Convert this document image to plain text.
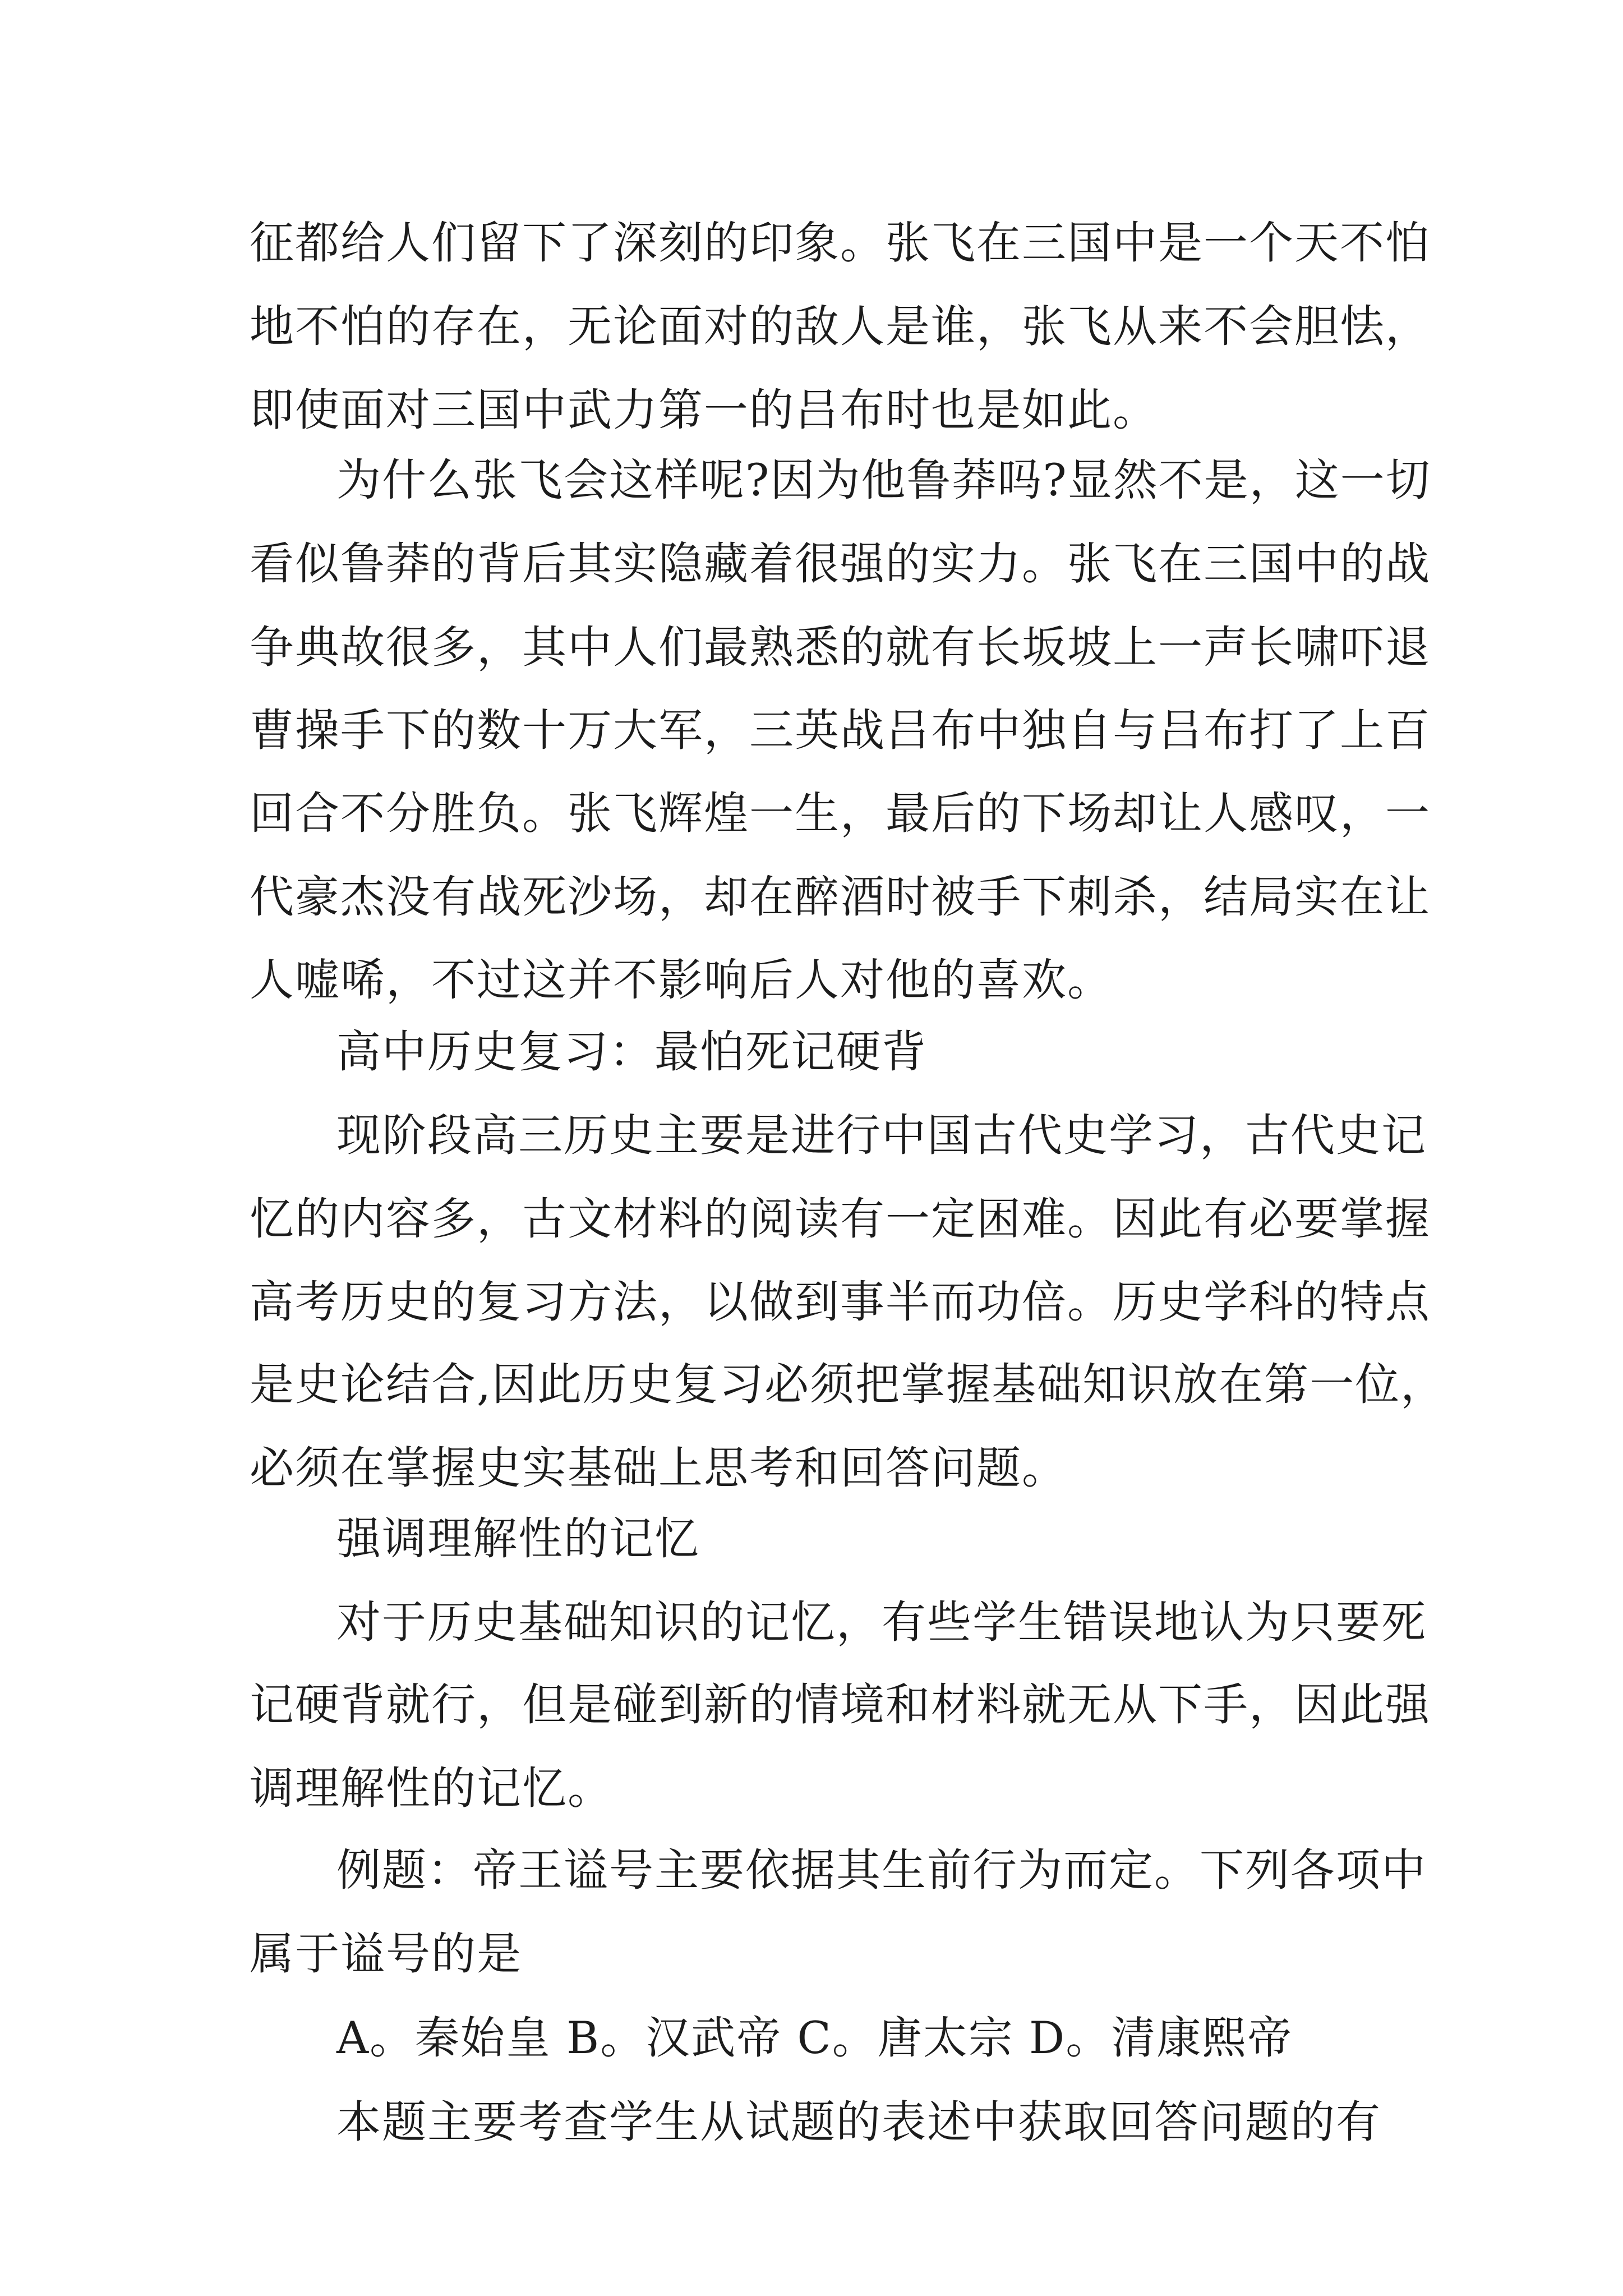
征都给人们留下了深刻的印象。张飞在三国中是一个天不怕

地不怕的存在，无论面对的敌人是谁，张飞从来不会胆怯，

即使面对三国中武力第一的吕布时也是如此。

为什么张飞会这样呢?因为他鲁莽吗?显然不是，这一切

看似鲁莽的背后其实隐藏着很强的实力。张飞在三国中的战

争典故很多，其中人们最熟悉的就有长坂坡上一声长啸吓退

曹操手下的数十万大军，三英战吕布中独自与吕布打了上百

回合不分胜负。张飞辉煌一生，最后的下场却让人感叹，一

代豪杰没有战死沙场，却在醉酒时被手下刺杀，结局实在让

人嘘唏，不过这并不影响后人对他的喜欢。

高中历史复习：最怕死记硬背

现阶段高三历史主要是进行中国古代史学习，古代史记

忆的内容多，古文材料的阅读有一定困难。因此有必要掌握

高考历史的复习方法，以做到事半而功倍。历史学科的特点

是史论结合,因此历史复习必须把掌握基础知识放在第一位，

必须在掌握史实基础上思考和回答问题。

强调理解性的记忆

对于历史基础知识的记忆，有些学生错误地认为只要死

记硬背就行，但是碰到新的情境和材料就无从下手，因此强

调理解性的记忆。

例题：帝王谥号主要依据其生前行为而定。下列各项中

属于谥号的是

A。秦始皇 B。汉武帝 C。唐太宗 D。清康熙帝

本题主要考查学生从试题的表述中获取回答问题的有
